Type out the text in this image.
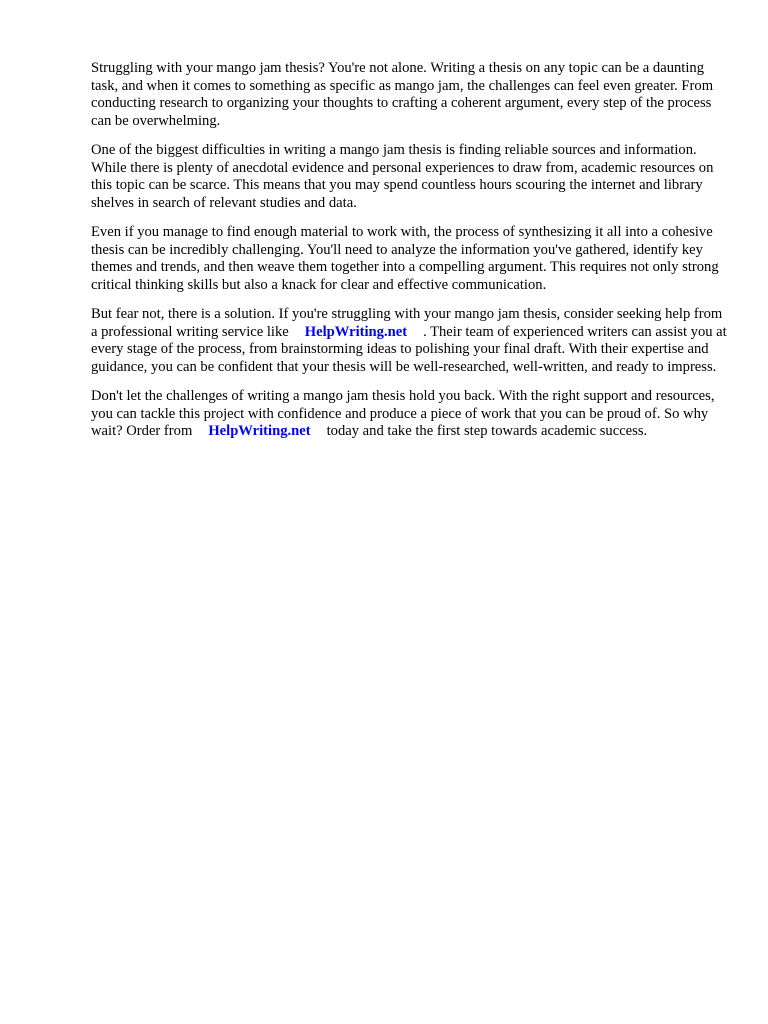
Struggling with your mango jam thesis? You're not alone. Writing a thesis on any topic can be a daunting task, and when it comes to something as specific as mango jam, the challenges can feel even greater. From conducting research to organizing your thoughts to crafting a coherent argument, every step of the process can be overwhelming.

One of the biggest difficulties in writing a mango jam thesis is finding reliable sources and information. While there is plenty of anecdotal evidence and personal experiences to draw from, academic resources on this topic can be scarce. This means that you may spend countless hours scouring the internet and library shelves in search of relevant studies and data.

Even if you manage to find enough material to work with, the process of synthesizing it all into a cohesive thesis can be incredibly challenging. You'll need to analyze the information you've gathered, identify key themes and trends, and then weave them together into a compelling argument. This requires not only strong critical thinking skills but also a knack for clear and effective communication.

But fear not, there is a solution. If you're struggling with your mango jam thesis, consider seeking help from a professional writing service like HelpWriting.net . Their team of experienced writers can assist you at every stage of the process, from brainstorming ideas to polishing your final draft. With their expertise and guidance, you can be confident that your thesis will be well-researched, well-written, and ready to impress.

Don't let the challenges of writing a mango jam thesis hold you back. With the right support and resources, you can tackle this project with confidence and produce a piece of work that you can be proud of. So why wait? Order from HelpWriting.net today and take the first step towards academic success.
